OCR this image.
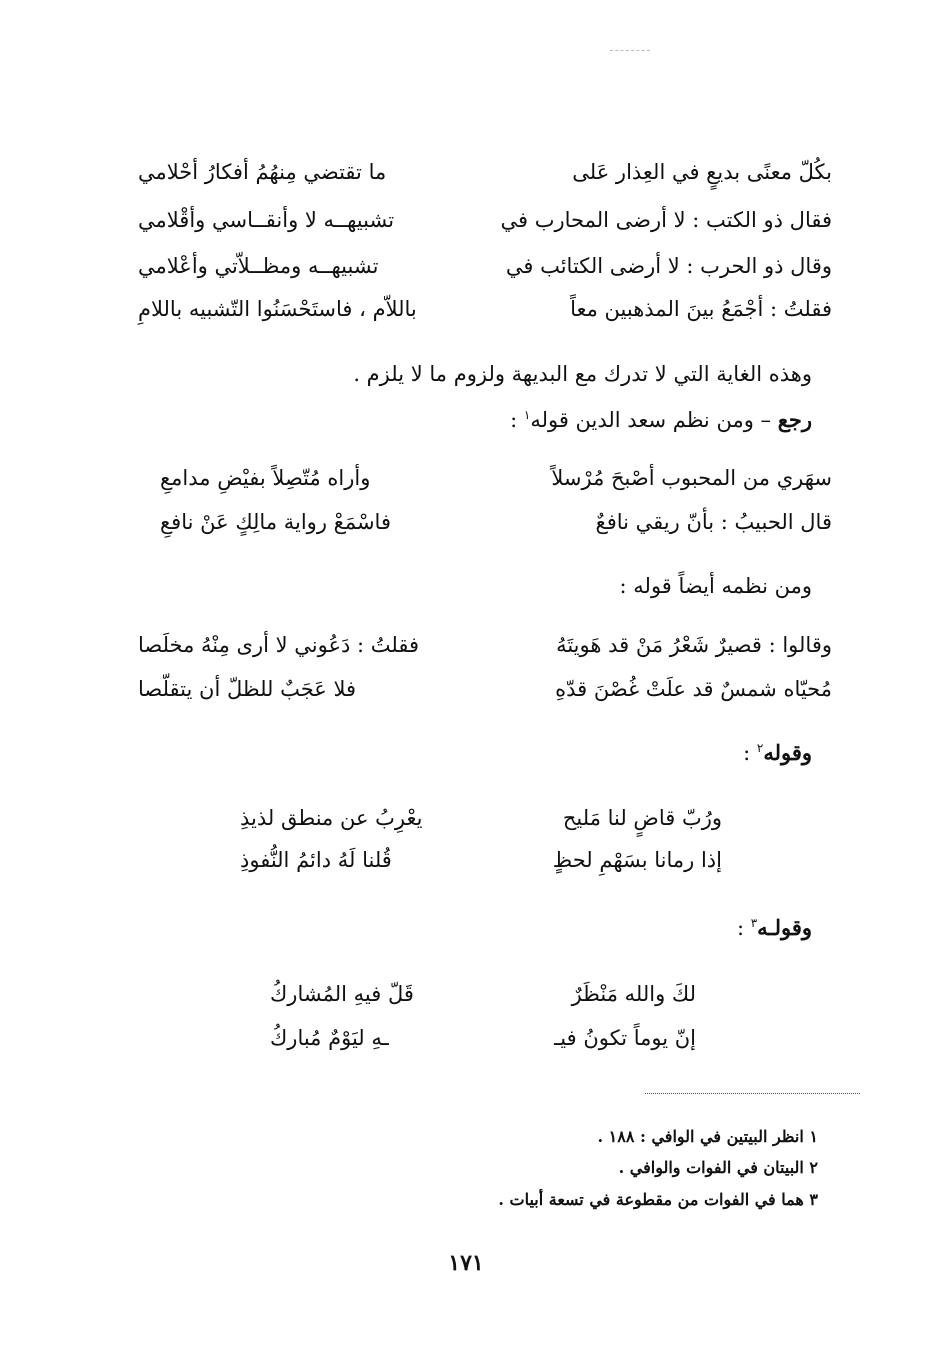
بكُلّ معنًى بديعٍ في العِذار عَلى
ما تقتضي مِنهُمُ أفكارُ أحْلامي
فقال ذو الكتب : لا أرضى المحارب في
تشبيهــه لا وأنقــاسي وأقْلامي
وقال ذو الحرب : لا أرضى الكتائب في
تشبيهــه ومظــلاّتي وأعْلامي
فقلتُ : أجْمَعُ بينَ المذهبين معاً
باللاّم ، فاستَحْسَنُوا التّشبيه باللامِ
وهذه الغاية التي لا تدرك مع البديهة ولزوم ما لا يلزم .
رجع – ومن نظم سعد الدين قوله$^١$ :
سهَري من المحبوب أصْبحَ مُرْسلاً
وأراه مُتّصِلاً بفيْضِ مدامعِ
قال الحبيبُ : بأنّ ريقي نافعٌ
فاسْمَعْ رواية مالِكٍ عَنْ نافعِ
ومن نظمه أيضاً قوله :
وقالوا : قصيرٌ شَعْرُ مَنْ قد هَويتَهُ
فقلتُ : دَعُوني لا أرى مِنْهُ مخلَصا
مُحيّاه شمسٌ قد علَتْ غُصْنَ قدّهِ
فلا عَجَبٌ للظلّ أن يتقلّصا
وقوله$^٢$ :
ورُبّ قاضٍ لنا مَليح
يعْرِبُ عن منطق لذيذِ
إذا رمانا بسَهْمِ لحظٍ
قُلنا لَهُ دائمُ النُّفوذِ
وقولـه$^٣$ :
لكَ والله مَنْظَرٌ
قَلّ فيهِ المُشاركُ
إنّ يوماً تكونُ فيـ
ـهِ ليَوْمٌ مُباركُ
١ انظر البيتين في الوافي : ١٨٨ .
٢ البيتان في الفوات والوافي .
٣ هما في الفوات من مقطوعة في تسعة أبيات .
١٧١
